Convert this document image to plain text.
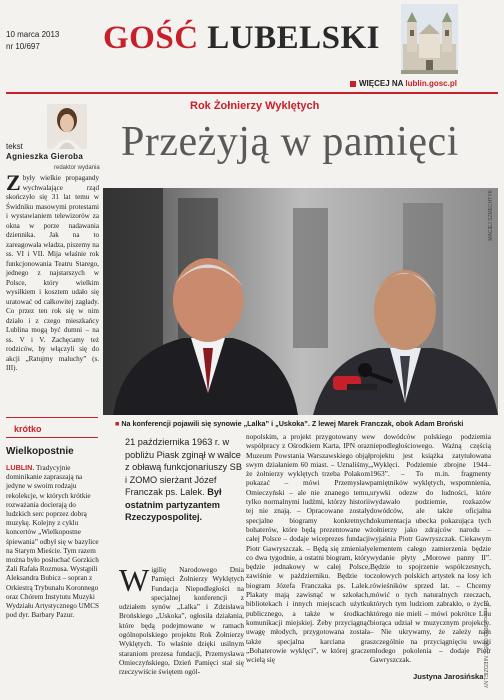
10 marca 2013
nr 10/697 GOŚĆ LUBELSKI
WIĘCEJ NA lublin.gosc.pl
tekst
Agnieszka Gieroba
redaktor wydania
Rok Żołnierzy Wyklętych
Przeżyją w pamięci
Zbyły wielkie propagandy wychwalające rząd skończyło się 31 lat temu w Świdniku masowymi protestami i wystawianiem telewizorów za okna w porze nadawania dziennika. Jak na to zareagowała władza, piszemy na ss. VI i VII. Mija właśnie rok funkcjonowania Teatru Starego, jednego z najstarszych w Polsce, który wielkim wysiłkiem i kosztem udało się uratować od całkowitej zagłady. Co przez ten rok się w nim działo i z czego mieszkańcy Lublina mogą być dumni – na ss. V i V. Zachęcamy też rodziców, by włączyli się do akcji „Ratujmy maluchy” (s. III).
krótko
Wielkopostnie
LUBLIN. Tradycyjnie dominikanie zapraszają na jedyne w swoim rodzaju rekolekcje, w których krótkie rozważania docierają do ludzkich serc poprzez dobrą muzykę. Kolejny z cyklu koncertów „Wielkopostne śpiewania” odbył się w bazylice na Starym Mieście. Tym razem można było posłuchać Gorzkich Żali Rafała Rozmusa. Wystąpili Aleksandra Bubicz – sopran z Orkiestrą Trybunału Koronnego oraz Chórem Instytutu Muzyki Wydziału Artystycznego UMCS pod dyr. Barbary Pazur.
MACIEJ SZMECHTYK
■ Na konferencji pojawili się synowie „Lalka” i „Uskoka”. Z lewej Marek Franczak, obok Adam Broński
21 października 1963 r. w pobliżu Piask zginął w walce z obławą funkcjonariuszy SB i ZOMO sierżant Józef Franczak ps. Lalek. Był ostatnim partyzantem Rzeczypospolitej.
Wigilię Narodowego Dnia Pamięci Żołnierzy Wyklętych Fundacja Niepodległości na specjalnej konferencji z udziałem synów „Lalka” i Zdzisława Brońskiego „Uskoka”, ogłosiła działania, które będą podejmowane w ramach ogólnopolskiego projektu Rok Żołnierzy Wyklętych. To właśnie dzięki usilnym staraniom prezesa fundacji, Przemysława Omieczyńskiego, Dzień Pamięci stał się rzeczywiście świętem ogól-
nopolskim, a projekt przygotowany we współpracy z Ośrodkiem Karta, IPN oraz Muzeum Powstania Warszawskiego objął swym działaniem 60 miast. – Uznaliśmy, że żołnierzy wyklętych trzeba Polakom pokazać – mówi Przemysław Omieczyński – ale nie znanego temu, tylko normalnymi ludźmi, którzy historii tej nie znają. – Opracowane zostały specjalne biogramy konkretnych bohaterów, które będą prezentowane w całej Polsce – dodaje wiceprezes fundacji Piotr Gawryszczak. – Będą się zmieniały co dwa tygodnie, a ostatni biogram, który będzie jednakowy w całej Polsce, zawiśnie w październiku. Będzie to biogram Józefa Franczaka ps. Lalek. Plakaty mają zawisnąć w szkołach, bibliotekach i innych miejscach użytku publicznego, a także w środkach komunikacji miejskiej. Żeby przyciągnąć uwagę młodych, przygotowana została także specjalna karciana gra „Bohaterowie wyklęci”, w której gracze wcielą się
w dowódców polskiego podziemia niepodległościowego. Ważną częścią projektu jest książka zatytułowana „Wyklęci. Podziemie zbrojne 1944–1963”. – To m.in. fragmenty pamiętników wyklętych, wspomnienia, urywki odezw do ludności, które wydawało podziemie, rozkazów dowódców, ale także oficjalna dokumentacja ubecka pokazująca tych żołnierzy jako zdrajców narodu – wyjaśnia Piotr Gawryszczak. Ciekawym elementem całego zamierzenia będzie wydanie płyty „Morowe panny II”. Będzie to spojrzenie współczesnych, czołowych polskich artystek na losy ich rówieśników sprzed lat. – Chcemy mówić o tych naturalnych rzeczach, których tym ludziom zabrakło, o życiu, którego nie mieli – mówi pokrótce Lilu biorąca udział w muzycznym projekcie. – Nie ukrywamy, że zależy nam szczególnie na przyciągnięciu uwagi młodego pokolenia – dodaje Piotr Gawryszczak.
Justyna Jarosińska
10 marca 2013 GOŚĆ NIEDZIELNY
